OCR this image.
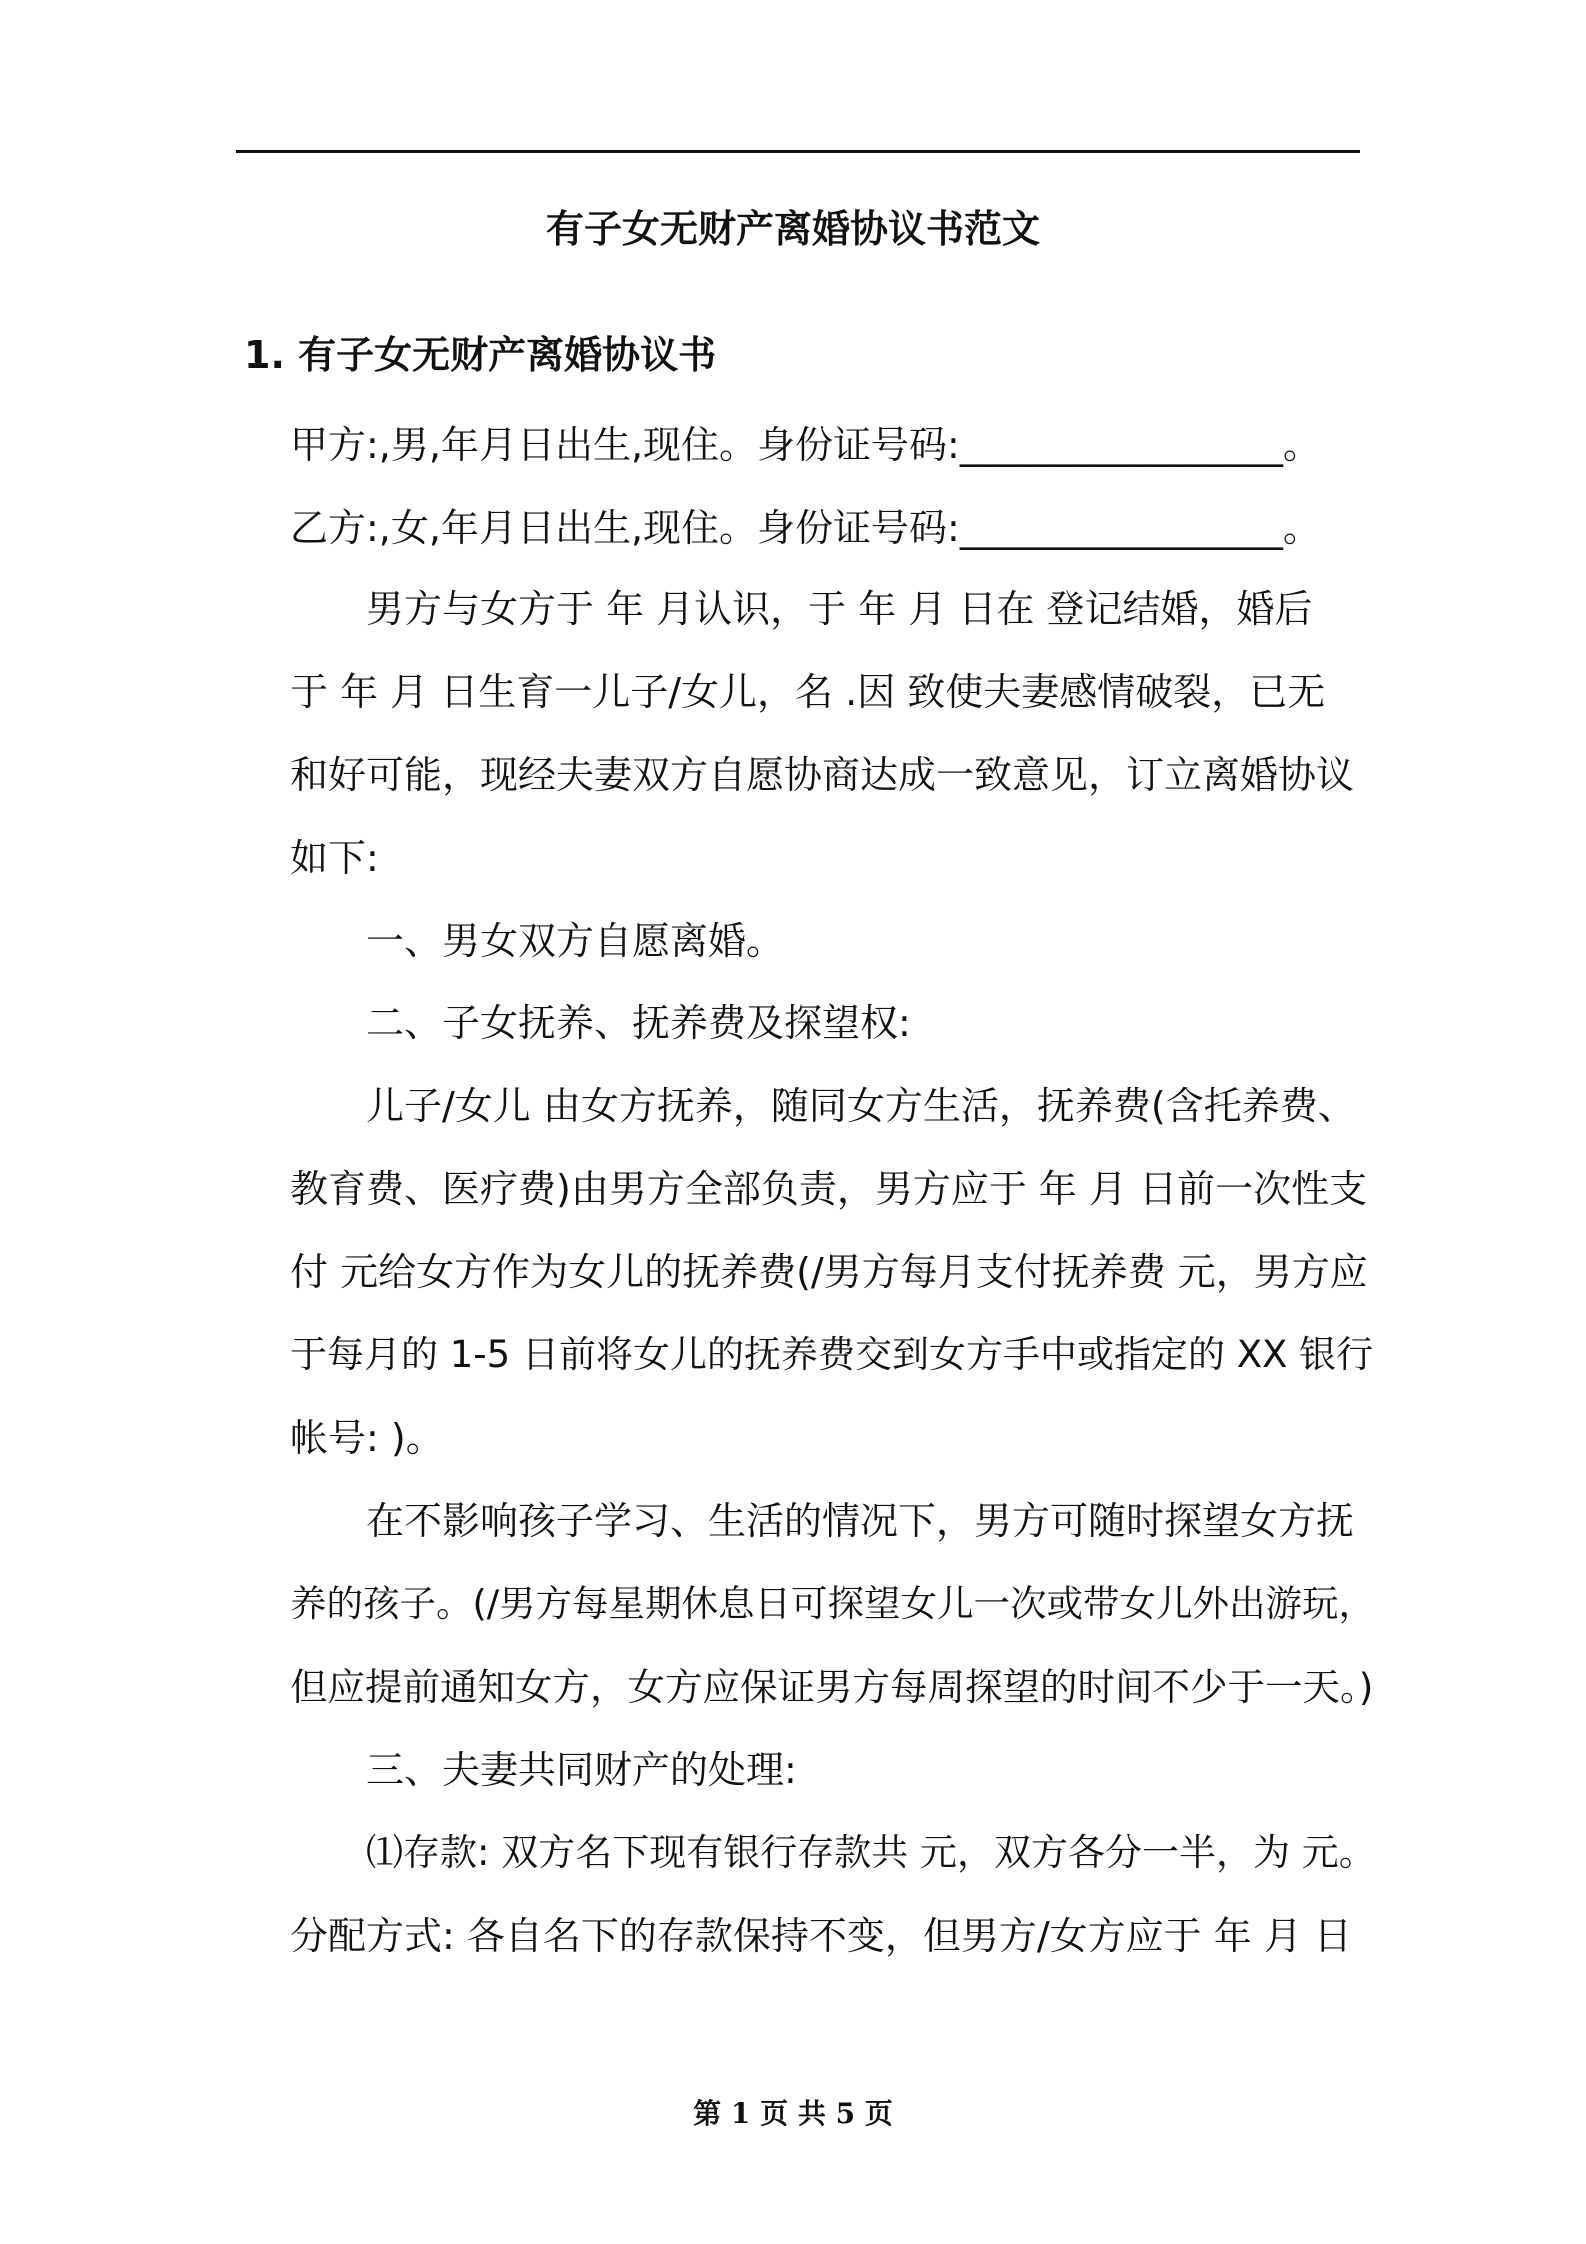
有子女无财产离婚协议书范文
1. 有子女无财产离婚协议书
甲方:,男,年月日出生,现住。身份证号码:_________________。
乙方:,女,年月日出生,现住。身份证号码:_________________。
男方与女方于 年 月认识，于 年 月 日在 登记结婚，婚后
于 年 月 日生育一儿子/女儿，名 .因 致使夫妻感情破裂，已无
和好可能，现经夫妻双方自愿协商达成一致意见，订立离婚协议
如下:
一、男女双方自愿离婚。
二、子女抚养、抚养费及探望权:
儿子/女儿 由女方抚养，随同女方生活，抚养费(含托养费、
教育费、医疗费)由男方全部负责，男方应于 年 月 日前一次性支
付 元给女方作为女儿的抚养费(/男方每月支付抚养费 元，男方应
于每月的 1-5 日前将女儿的抚养费交到女方手中或指定的 XX 银行
帐号: )。
在不影响孩子学习、生活的情况下，男方可随时探望女方抚
养的孩子。(/男方每星期休息日可探望女儿一次或带女儿外出游玩，
但应提前通知女方，女方应保证男方每周探望的时间不少于一天。)
三、夫妻共同财产的处理:
⑴存款: 双方名下现有银行存款共 元，双方各分一半，为 元。
分配方式: 各自名下的存款保持不变，但男方/女方应于 年 月 日
第 1 页 共 5 页
